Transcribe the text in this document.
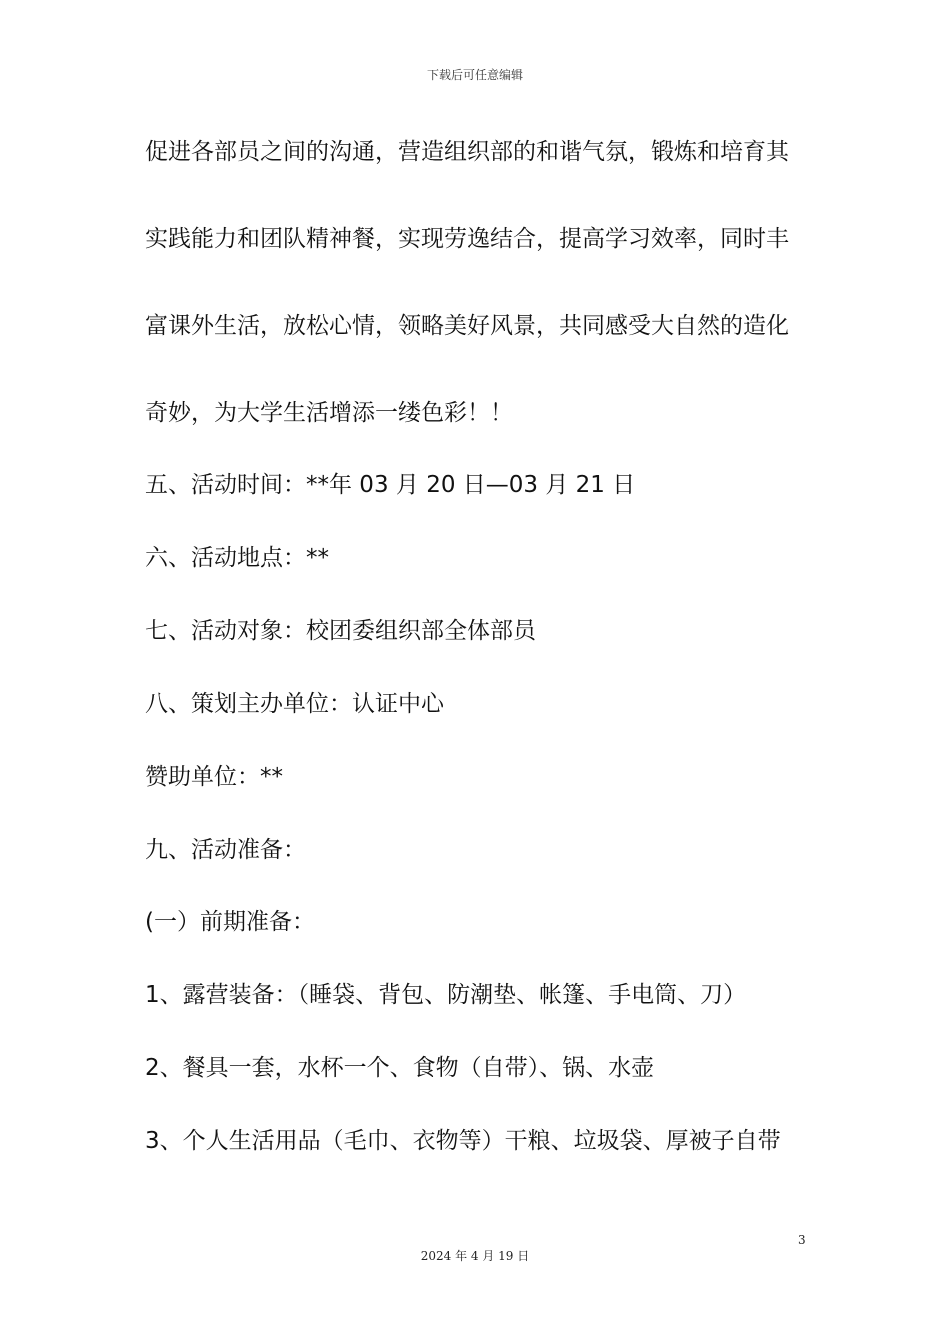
下载后可任意编辑
促进各部员之间的沟通，营造组织部的和谐气氛，锻炼和培育其
实践能力和团队精神餐，实现劳逸结合，提高学习效率，同时丰
富课外生活，放松心情，领略美好风景，共同感受大自然的造化
奇妙，为大学生活增添一缕色彩！！
五、活动时间：**年 03 月 20 日—03 月 21 日
六、活动地点：**
七、活动对象：校团委组织部全体部员
八、策划主办单位：认证中心
赞助单位：**
九、活动准备：
(一）前期准备：
1、露营装备：（睡袋、背包、防潮垫、帐篷、手电筒、刀）
2、餐具一套，水杯一个、食物（自带）、锅、水壶
3、个人生活用品（毛巾、衣物等）干粮、垃圾袋、厚被子自带
3
2024 年 4 月 19 日
